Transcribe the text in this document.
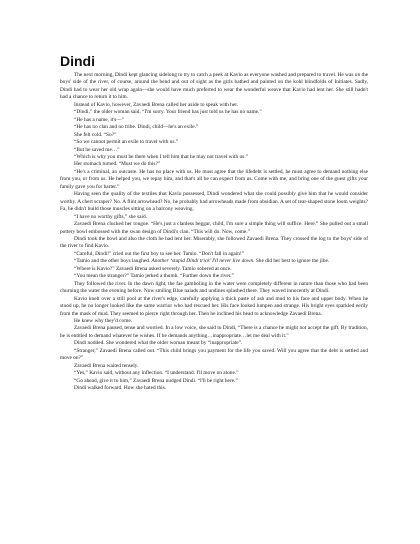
Dindi

The next morning, Dindi kept glancing sidelong to try to catch a peek at Kavio as everyone washed and prepared to travel. He was on the boys' side of the river, of course, around the bend and out of sight as the girls bathed and painted on the kohl blindfolds of Initiates. Sadly, Dindi had to wear her old wrap again—she would have much preferred to wear the wonderful weave that Kavio had lent her. She still hadn't had a chance to return it to him.

Instead of Kavio, however, Zavaedi Brena called her aside to speak with her.

“Dindi,” the older woman said. “I'm sorry. Your friend has just told us he has no name.”

“He has a name, it's—”

“He has no clan and no tribe. Dindi, child—he's an exile.”

She felt cold. “So?”

“So we cannot permit an exile to travel with us.”

“But he saved me…”

“Which is why you must be there when I tell him that he may not travel with us.”

Her stomach turned. “Must we do this?”

“He's a criminal, an outcaste. He has no place with us. He must agree that the lifedebt is settled, he must agree to demand nothing else from you, or from us. He helped you, we repay him, and that's all he can expect from us. Come with me, and bring one of the guest gifts your family gave you for barter.”

Having seen the quality of the textiles that Kavio possessed, Dindi wondered what she could possibly give him that he would consider worthy. A chert scraper? No. A flint arrowhead? No, he probably had arrowheads made from obsidian. A set of tear-shaped stone loom weights? Fa, he didn't build those muscles sitting on a balcony weaving.

“I have no worthy gifts,” she said.

Zavaedi Brena clucked her tongue. “He's just a clanless beggar, child, I'm sure a simple thing will suffice. Here.” She pulled out a small pottery bowl embossed with the swan design of Dindi's clan. “This will do. Now, come.”

Dindi took the bowl and also the cloth he had lent her. Miserably, she followed Zavaedi Brena. They crossed the log to the boys' side of the river to find Kavio.

“Careful, Dindi!” cried out the first boy to see her. Tamio. “Don't fall in again!”

“Tamio and the other boys laughed. Another ‘stupid Dindi trick’ I'll never live down. She did her best to ignore the jibe.

“Where is Kavio?” Zavaedi Brena asked severely. Tamio sobered at once.

“You mean the stranger?” Tamio jerked a thumb. “Further down the river.”

They followed the river. In the dawn light, the fae gamboling in the water were completely different in nature than those who had been churning the water the evening before. Now smiling Blue naiads and undines splashed there. They waved innocently at Dindi.

Kavio knelt over a still pool at the river's edge, carefully applying a thick paste of ash and mud to his face and upper body. When he stood up, he no longer looked like the same warrior who had rescued her. His face looked lumpen and strange. His bright eyes sparkled eerily from the mask of mud. They seemed to pierce right through her. Then he inclined his head to acknowledge Zavaedi Brena.

He knew why they'd come.

Zavaedi Brena paused, tense and worried. In a low voice, she said to Dindi, “There is a chance he might not accept the gift. By tradition, he is entitled to demand whatever he wishes. If he demands anything…inappropriate…let me deal with it.”

Dindi nodded. She wondered what the older woman meant by “inappropriate”.

“Stranger,” Zavaedi Brena called out. “This child brings you payment for the life you saved. Will you agree that the debt is settled and move on?”

Zavaedi Brena waited tensely.

“Yes,” Kavio said, without any inflection. “I understand. I'll move on alone.”

“Go ahead, give it to him,” Zavaedi Brena nudged Dindi. “I'll be right here.”

Dindi walked forward. How she hated this.
